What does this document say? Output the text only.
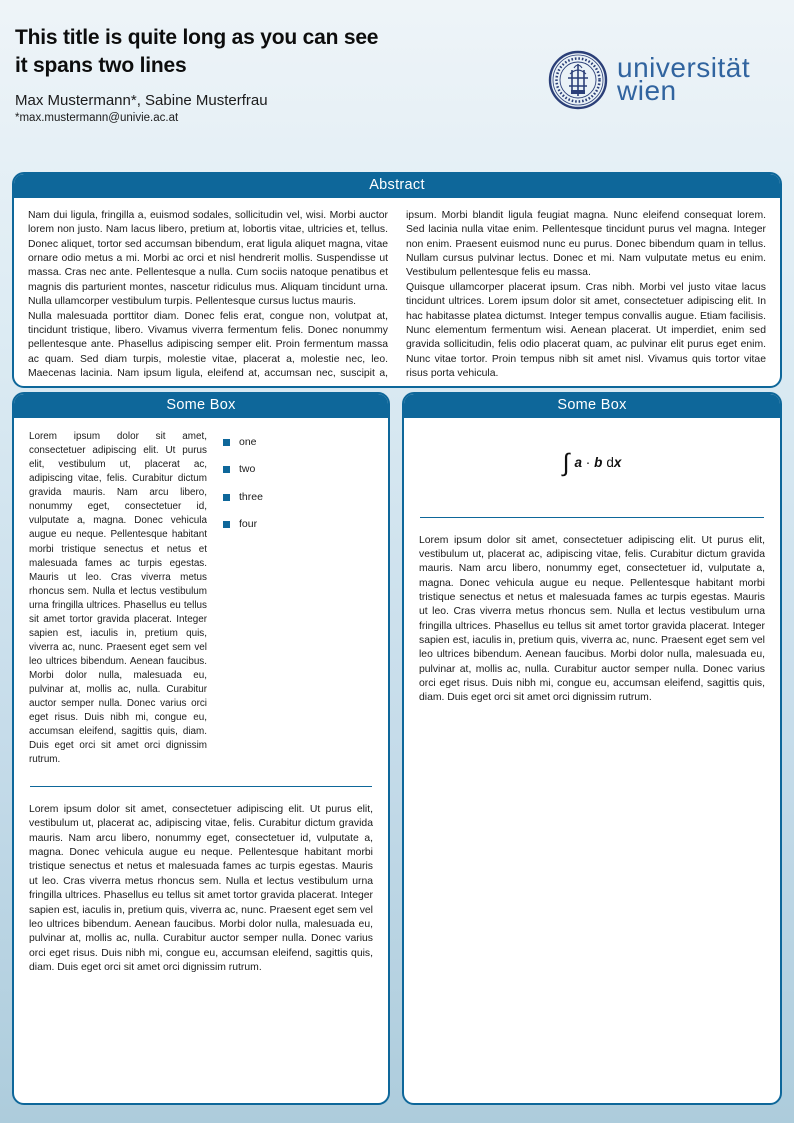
This title is quite long as you can see
it spans two lines
Max Mustermann*, Sabine Musterfrau
*max.mustermann@univie.ac.at
universität
wien
Abstract

Nam dui ligula, fringilla a, euismod sodales, sollicitudin vel, wisi. Morbi auctor lorem non justo. Nam lacus libero, pretium at, lobortis vitae, ultricies et, tellus. Donec aliquet, tortor sed accumsan bibendum, erat ligula aliquet magna, vitae ornare odio metus a mi. Morbi ac orci et nisl hendrerit mollis. Suspendisse ut massa. Cras nec ante. Pellentesque a nulla. Cum sociis natoque penatibus et magnis dis parturient montes, nascetur ridiculus mus. Aliquam tincidunt urna. Nulla ullamcorper vestibulum turpis. Pellentesque cursus luctus mauris.

Nulla malesuada porttitor diam. Donec felis erat, congue non, volutpat at, tincidunt tristique, libero. Vivamus viverra fermentum felis. Donec nonummy pellentesque ante. Phasellus adipiscing semper elit. Proin fermentum massa ac quam. Sed diam turpis, molestie vitae, placerat a, molestie nec, leo. Maecenas lacinia. Nam ipsum ligula, eleifend at, accumsan nec, suscipit a, ipsum. Morbi blandit ligula feugiat magna. Nunc eleifend consequat lorem. Sed lacinia nulla vitae enim. Pellentesque tincidunt purus vel magna. Integer non enim. Praesent euismod nunc eu purus. Donec bibendum quam in tellus. Nullam cursus pulvinar lectus. Donec et mi. Nam vulputate metus eu enim. Vestibulum pellentesque felis eu massa.

Quisque ullamcorper placerat ipsum. Cras nibh. Morbi vel justo vitae lacus tincidunt ultrices. Lorem ipsum dolor sit amet, consectetuer adipiscing elit. In hac habitasse platea dictumst. Integer tempus convallis augue. Etiam facilisis. Nunc elementum fermentum wisi. Aenean placerat. Ut imperdiet, enim sed gravida sollicitudin, felis odio placerat quam, ac pulvinar elit purus eget enim. Nunc vitae tortor. Proin tempus nibh sit amet nisl. Vivamus quis tortor vitae risus porta vehicula.

Some Box
Lorem ipsum dolor sit amet, consectetuer adipiscing elit. Ut purus elit, vestibulum ut, placerat ac, adipiscing vitae, felis. Curabitur dictum gravida mauris. Nam arcu libero, nonummy eget, consectetuer id, vulputate a, magna. Donec vehicula augue eu neque. Pellentesque habitant morbi tristique senectus et netus et malesuada fames ac turpis egestas. Mauris ut leo. Cras viverra metus rhoncus sem. Nulla et lectus vestibulum urna fringilla ultrices. Phasellus eu tellus sit amet tortor gravida placerat. Integer sapien est, iaculis in, pretium quis, viverra ac, nunc. Praesent eget sem vel leo ultrices bibendum. Aenean faucibus. Morbi dolor nulla, malesuada eu, pulvinar at, mollis ac, nulla. Curabitur auctor semper nulla. Donec varius orci eget risus. Duis nibh mi, congue eu, accumsan eleifend, sagittis quis, diam. Duis eget orci sit amet orci dignissim rutrum.
one
two
three
four

Lorem ipsum dolor sit amet, consectetuer adipiscing elit. Ut purus elit, vestibulum ut, placerat ac, adipiscing vitae, felis. Curabitur dictum gravida mauris. Nam arcu libero, nonummy eget, consectetuer id, vulputate a, magna. Donec vehicula augue eu neque. Pellentesque habitant morbi tristique senectus et netus et malesuada fames ac turpis egestas. Mauris ut leo. Cras viverra metus rhoncus sem. Nulla et lectus vestibulum urna fringilla ultrices. Phasellus eu tellus sit amet tortor gravida placerat. Integer sapien est, iaculis in, pretium quis, viverra ac, nunc. Praesent eget sem vel leo ultrices bibendum. Aenean faucibus. Morbi dolor nulla, malesuada eu, pulvinar at, mollis ac, nulla. Curabitur auctor semper nulla. Donec varius orci eget risus. Duis nibh mi, congue eu, accumsan eleifend, sagittis quis, diam. Duis eget orci sit amet orci dignissim rutrum.

Some Box
∫ a · b dx

Lorem ipsum dolor sit amet, consectetuer adipiscing elit. Ut purus elit, vestibulum ut, placerat ac, adipiscing vitae, felis. Curabitur dictum gravida mauris. Nam arcu libero, nonummy eget, consectetuer id, vulputate a, magna. Donec vehicula augue eu neque. Pellentesque habitant morbi tristique senectus et netus et malesuada fames ac turpis egestas. Mauris ut leo. Cras viverra metus rhoncus sem. Nulla et lectus vestibulum urna fringilla ultrices. Phasellus eu tellus sit amet tortor gravida placerat. Integer sapien est, iaculis in, pretium quis, viverra ac, nunc. Praesent eget sem vel leo ultrices bibendum. Aenean faucibus. Morbi dolor nulla, malesuada eu, pulvinar at, mollis ac, nulla. Curabitur auctor semper nulla. Donec varius orci eget risus. Duis nibh mi, congue eu, accumsan eleifend, sagittis quis, diam. Duis eget orci sit amet orci dignissim rutrum.
